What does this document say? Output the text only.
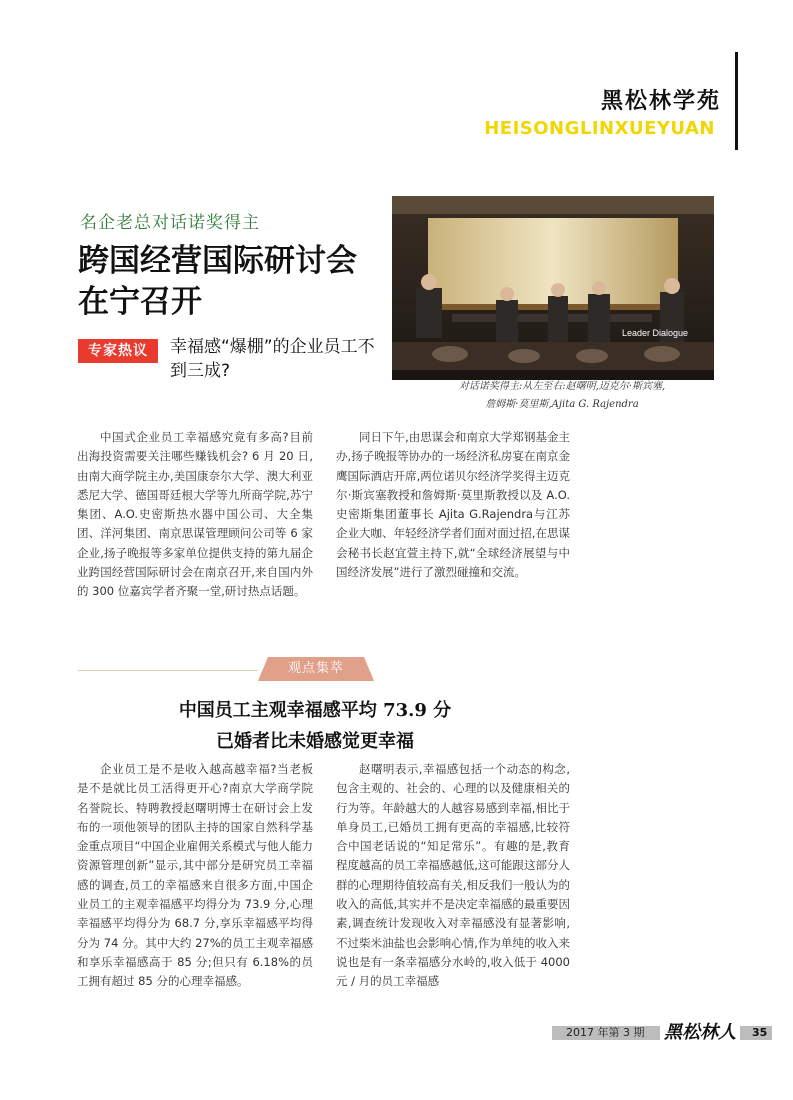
黑松林学苑
HEISONGLINXUEYUAN
名企老总对话诺奖得主
跨国经营国际研讨会
在宁召开
专家热议	幸福感“爆棚”的企业员工不到三成?
Leader Dialogue
对话诺奖得主:从左至右:赵曙明,迈克尔·斯宾塞,
詹姆斯·莫里斯,Ajita G. Rajendra

中国式企业员工幸福感究竟有多高?目前出海投资需要关注哪些赚钱机会? 6 月 20 日,由南大商学院主办,美国康奈尔大学、澳大利亚悉尼大学、德国哥廷根大学等九所商学院,苏宁集团、A.O.史密斯热水器中国公司、大全集团、洋河集团、南京思谋管理顾问公司等 6 家企业,扬子晚报等多家单位提供支持的第九届企业跨国经营国际研讨会在南京召开,来自国内外的 300 位嘉宾学者齐聚一堂,研讨热点话题。

同日下午,由思谋会和南京大学郑钢基金主办,扬子晚报等协办的一场经济私房宴在南京金鹰国际酒店开席,两位诺贝尔经济学奖得主迈克尔·斯宾塞教授和詹姆斯·莫里斯教授以及 A.O.史密斯集团董事长 Ajita G.Rajendra与江苏企业大咖、年轻经济学者们面对面过招,在思谋会秘书长赵宜萱主持下,就“全球经济展望与中国经济发展”进行了激烈碰撞和交流。

观点集萃
中国员工主观幸福感平均 73.9 分
已婚者比未婚感觉更幸福

企业员工是不是收入越高越幸福?当老板是不是就比员工活得更开心?南京大学商学院名誉院长、特聘教授赵曙明博士在研讨会上发布的一项他领导的团队主持的国家自然科学基金重点项目“中国企业雇佣关系模式与他人能力资源管理创新”显示,其中部分是研究员工幸福感的调查,员工的幸福感来自很多方面,中国企业员工的主观幸福感平均得分为 73.9 分,心理幸福感平均得分为 68.7 分,享乐幸福感平均得分为 74 分。其中大约 27%的员工主观幸福感和享乐幸福感高于 85 分;但只有 6.18%的员工拥有超过 85 分的心理幸福感。

赵曙明表示,幸福感包括一个动态的构念,包含主观的、社会的、心理的以及健康相关的行为等。年龄越大的人越容易感到幸福,相比于单身员工,已婚员工拥有更高的幸福感,比较符合中国老话说的“知足常乐”。有趣的是,教育程度越高的员工幸福感越低,这可能跟这部分人群的心理期待值较高有关,相反我们一般认为的收入的高低,其实并不是决定幸福感的最重要因素,调查统计发现收入对幸福感没有显著影响,不过柴米油盐也会影响心情,作为单纯的收入来说也是有一条幸福感分水岭的,收入低于 4000 元 / 月的员工幸福感

2017 年第 3 期 黑松林人	35
